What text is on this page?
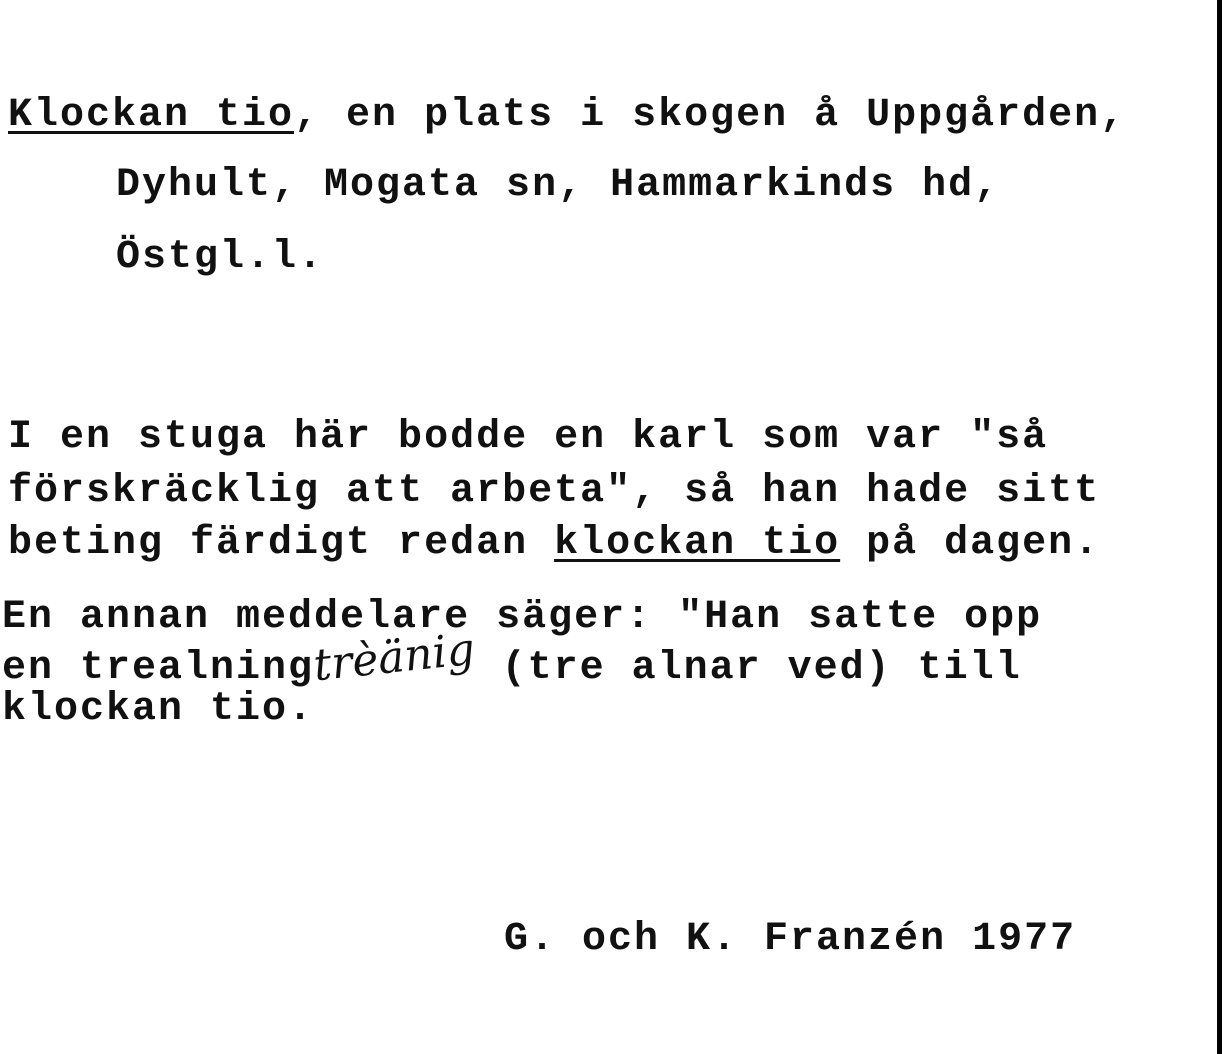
Klockan tio, en plats i skogen å Uppgården,
Dyhult, Mogata sn, Hammarkinds hd,
Östgl.l.
I en stuga här bodde en karl som var "så
förskräcklig att arbeta", så han hade sitt
beting färdigt redan klockan tio på dagen.
En annan meddelare säger: "Han satte opp
en trealningtrèänig (tre alnar ved) till
klockan tio.
G. och K. Franzén 1977
